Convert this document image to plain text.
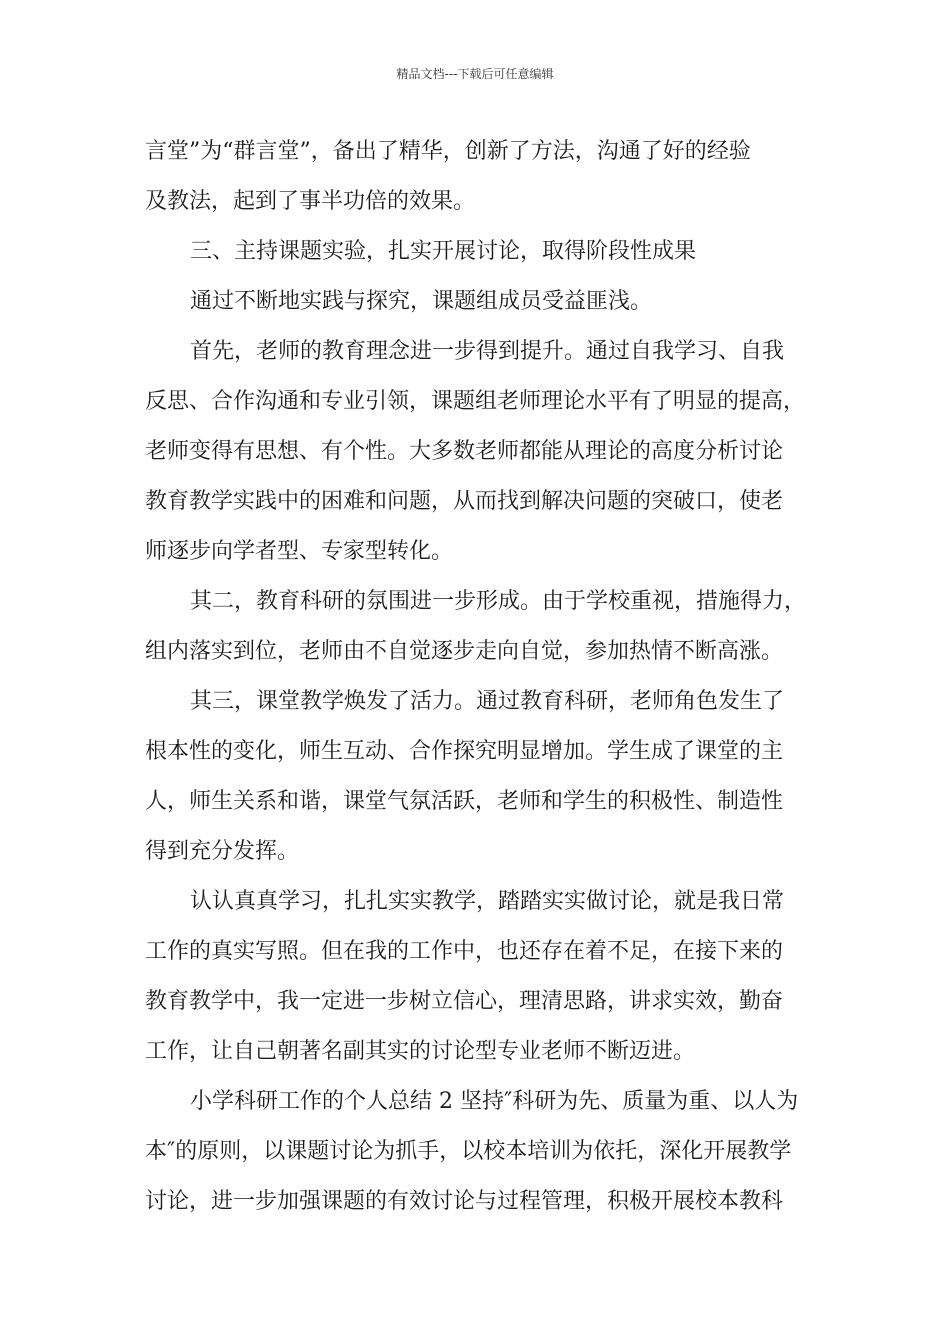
精品文档---下载后可任意编辑
言堂”为“群言堂”，备出了精华，创新了方法，沟通了好的经验
及教法，起到了事半功倍的效果。
三、主持课题实验，扎实开展讨论，取得阶段性成果
通过不断地实践与探究，课题组成员受益匪浅。
首先，老师的教育理念进一步得到提升。通过自我学习、自我
反思、合作沟通和专业引领，课题组老师理论水平有了明显的提高，
老师变得有思想、有个性。大多数老师都能从理论的高度分析讨论
教育教学实践中的困难和问题，从而找到解决问题的突破口，使老
师逐步向学者型、专家型转化。
其二，教育科研的氛围进一步形成。由于学校重视，措施得力，
组内落实到位，老师由不自觉逐步走向自觉，参加热情不断高涨。
其三，课堂教学焕发了活力。通过教育科研，老师角色发生了
根本性的变化，师生互动、合作探究明显增加。学生成了课堂的主
人，师生关系和谐，课堂气氛活跃，老师和学生的积极性、制造性
得到充分发挥。
认认真真学习，扎扎实实教学，踏踏实实做讨论，就是我日常
工作的真实写照。但在我的工作中，也还存在着不足，在接下来的
教育教学中，我一定进一步树立信心，理清思路，讲求实效，勤奋
工作，让自己朝著名副其实的讨论型专业老师不断迈进。
小学科研工作的个人总结 2 坚持″科研为先、质量为重、以人为
本″的原则，以课题讨论为抓手，以校本培训为依托，深化开展教学
讨论，进一步加强课题的有效讨论与过程管理，积极开展校本教科
